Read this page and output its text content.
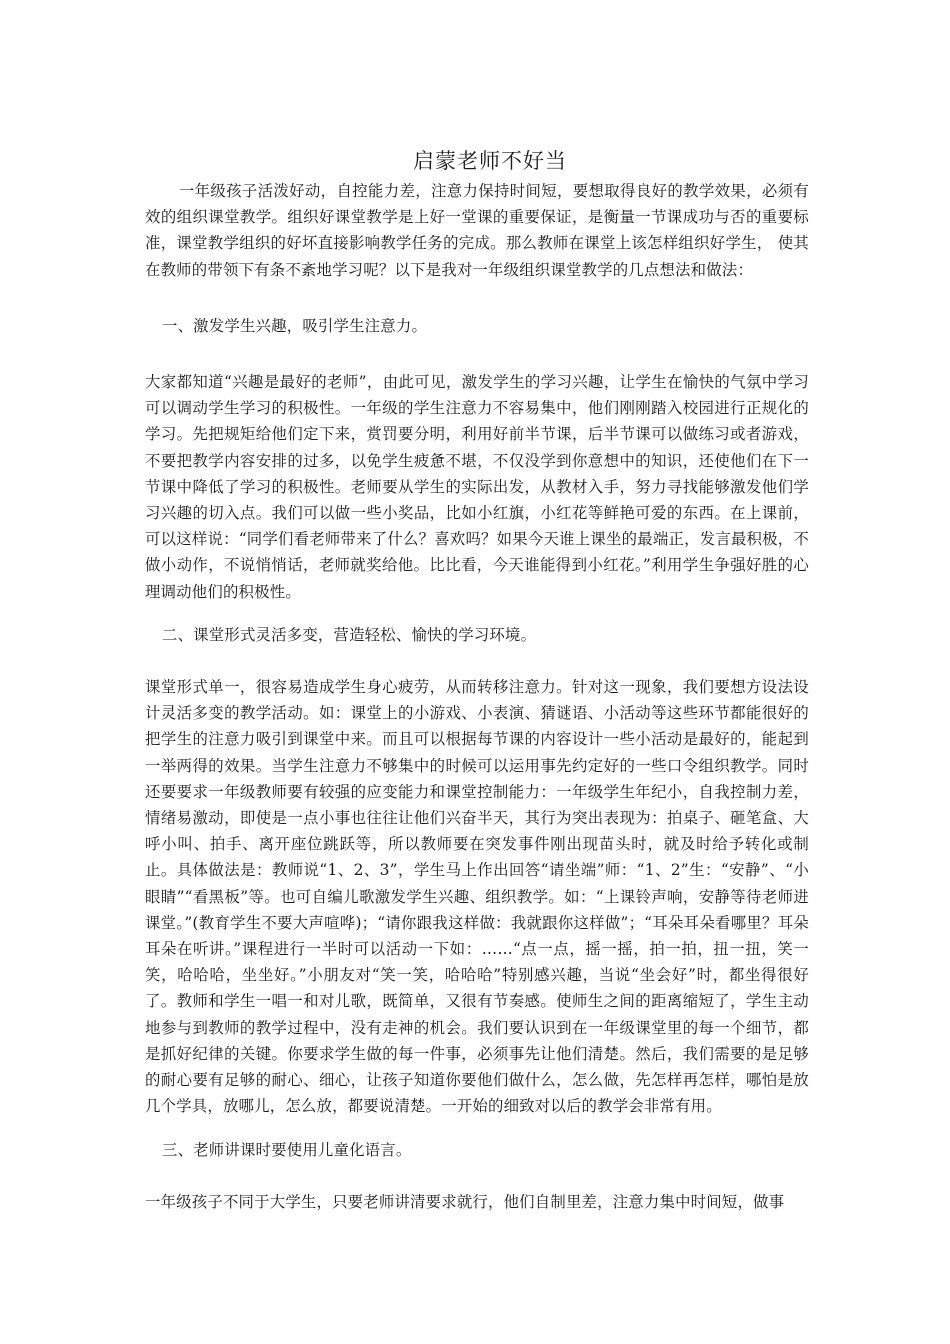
启蒙老师不好当

一年级孩子活泼好动，自控能力差，注意力保持时间短，要想取得良好的教学效果，必须有效的组织课堂教学。组织好课堂教学是上好一堂课的重要保证，是衡量一节课成功与否的重要标准，课堂教学组织的好坏直接影响教学任务的完成。那么教师在课堂上该怎样组织好学生， 使其在教师的带领下有条不紊地学习呢？以下是我对一年级组织课堂教学的几点想法和做法：

一、激发学生兴趣，吸引学生注意力。

大家都知道“兴趣是最好的老师”，由此可见，激发学生的学习兴趣，让学生在愉快的气氛中学习可以调动学生学习的积极性。一年级的学生注意力不容易集中，他们刚刚踏入校园进行正规化的学习。先把规矩给他们定下来，赏罚要分明，利用好前半节课，后半节课可以做练习或者游戏，不要把教学内容安排的过多，以免学生疲惫不堪，不仅没学到你意想中的知识，还使他们在下一节课中降低了学习的积极性。老师要从学生的实际出发，从教材入手，努力寻找能够激发他们学习兴趣的切入点。我们可以做一些小奖品，比如小红旗，小红花等鲜艳可爱的东西。在上课前，可以这样说：“同学们看老师带来了什么？喜欢吗？如果今天谁上课坐的最端正，发言最积极，不做小动作，不说悄悄话，老师就奖给他。比比看，今天谁能得到小红花。”利用学生争强好胜的心理调动他们的积极性。

二、课堂形式灵活多变，营造轻松、愉快的学习环境。

课堂形式单一，很容易造成学生身心疲劳，从而转移注意力。针对这一现象，我们要想方设法设计灵活多变的教学活动。如：课堂上的小游戏、小表演、猜谜语、小活动等这些环节都能很好的把学生的注意力吸引到课堂中来。而且可以根据每节课的内容设计一些小活动是最好的，能起到一举两得的效果。当学生注意力不够集中的时候可以运用事先约定好的一些口令组织教学。同时还要要求一年级教师要有较强的应变能力和课堂控制能力：一年级学生年纪小，自我控制力差，情绪易激动，即使是一点小事也往往让他们兴奋半天，其行为突出表现为：拍桌子、砸笔盒、大呼小叫、拍手、离开座位跳跃等，所以教师要在突发事件刚出现苗头时，就及时给予转化或制止。具体做法是：教师说“1、2、3”，学生马上作出回答“请坐端”师：“1、2”生：“安静”、“小眼睛”“看黑板”等。也可自编儿歌激发学生兴趣、组织教学。如：“上课铃声响，安静等待老师进课堂。”(教育学生不要大声喧哗)；“请你跟我这样做：我就跟你这样做”；“耳朵耳朵看哪里？耳朵耳朵在听讲。”课程进行一半时可以活动一下如：……“点一点，摇一摇，拍一拍，扭一扭，笑一笑，哈哈哈，坐坐好。”小朋友对“笑一笑，哈哈哈”特别感兴趣，当说“坐会好”时，都坐得很好了。教师和学生一唱一和对儿歌，既简单，又很有节奏感。使师生之间的距离缩短了，学生主动地参与到教师的教学过程中，没有走神的机会。我们要认识到在一年级课堂里的每一个细节，都是抓好纪律的关键。你要求学生做的每一件事，必须事先让他们清楚。然后，我们需要的是足够的耐心要有足够的耐心、细心，让孩子知道你要他们做什么，怎么做，先怎样再怎样，哪怕是放几个学具，放哪儿，怎么放，都要说清楚。一开始的细致对以后的教学会非常有用。

三、老师讲课时要使用儿童化语言。

一年级孩子不同于大学生，只要老师讲清要求就行，他们自制里差，注意力集中时间短，做事
